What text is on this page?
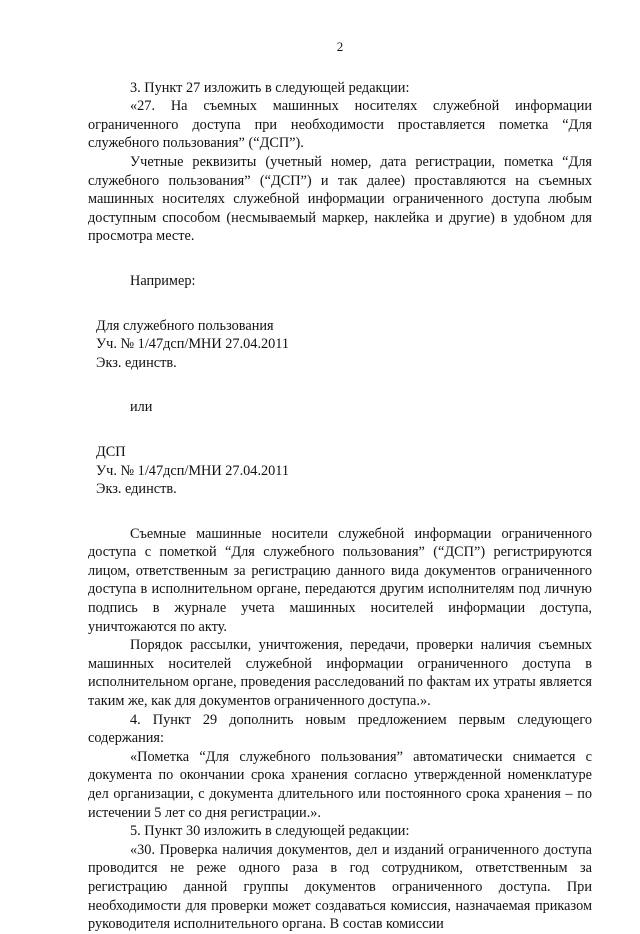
2

3. Пункт 27 изложить в следующей редакции:

«27. На съемных машинных носителях служебной информации ограниченного доступа при необходимости проставляется пометка “Для служебного пользования” (“ДСП”).

Учетные реквизиты (учетный номер, дата регистрации, пометка “Для служебного пользования” (“ДСП”) и так далее) проставляются на съемных машинных носителях служебной информации ограниченного доступа любым доступным способом (несмываемый маркер, наклейка и другие) в удобном для просмотра месте.

Например:

Для служебного пользования

Уч. № 1/47дсп/МНИ 27.04.2011

Экз. единств.

или

ДСП

Уч. № 1/47дсп/МНИ 27.04.2011

Экз. единств.

Съемные машинные носители служебной информации ограниченного доступа с пометкой “Для служебного пользования” (“ДСП”) регистрируются лицом, ответственным за регистрацию данного вида документов ограниченного доступа в исполнительном органе, передаются другим исполнителям под личную подпись в журнале учета машинных носителей информации доступа, уничтожаются по акту.

Порядок рассылки, уничтожения, передачи, проверки наличия съемных машинных носителей служебной информации ограниченного доступа в исполнительном органе, проведения расследований по фактам их утраты является таким же, как для документов ограниченного доступа.».

4. Пункт 29 дополнить новым предложением первым следующего содержания:

«Пометка “Для служебного пользования” автоматически снимается с документа по окончании срока хранения согласно утвержденной номенклатуре дел организации, с документа длительного или постоянного срока хранения – по истечении 5 лет со дня регистрации.».

5. Пункт 30 изложить в следующей редакции:

«30. Проверка наличия документов, дел и изданий ограниченного доступа проводится не реже одного раза в год сотрудником, ответственным за регистрацию данной группы документов ограниченного доступа. При необходимости для проверки может создаваться комиссия, назначаемая приказом руководителя исполнительного органа. В состав комиссии
